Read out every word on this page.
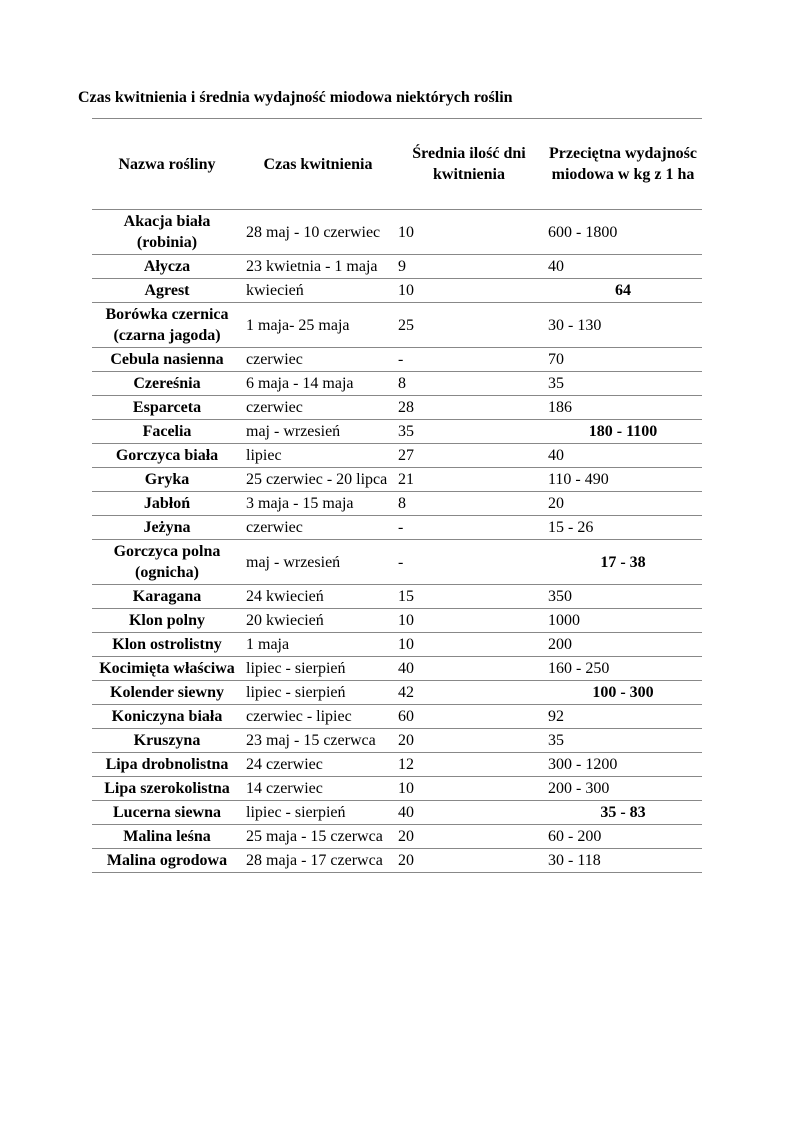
Czas kwitnienia i średnia wydajność miodowa niektórych roślin
Nazwa rośliny	Czas kwitnienia	Średnia ilość dni kwitnienia	Przeciętna wydajnośc miodowa w kg z 1 ha
Akacja biała (robinia)	28 maj - 10 czerwiec	10	600 - 1800
Ałycza	23 kwietnia - 1 maja	9	40
Agrest	kwiecień	10	64
Borówka czernica (czarna jagoda)	1 maja- 25 maja	25	30 - 130
Cebula nasienna	czerwiec	-	70
Czereśnia	6 maja - 14 maja	8	35
Esparceta	czerwiec	28	186
Facelia	maj - wrzesień	35	180 - 1100
Gorczyca biała	lipiec	27	40
Gryka	25 czerwiec - 20 lipca	21	110 - 490
Jabłoń	3 maja - 15 maja	8	20
Jeżyna	czerwiec	-	15 - 26
Gorczyca polna (ognicha)	maj - wrzesień	-	17 - 38
Karagana	24 kwiecień	15	350
Klon polny	20 kwiecień	10	1000
Klon ostrolistny	1 maja	10	200
Kocimięta właściwa	lipiec - sierpień	40	160 - 250
Kolender siewny	lipiec - sierpień	42	100 - 300
Koniczyna biała	czerwiec - lipiec	60	92
Kruszyna	23 maj - 15 czerwca	20	35
Lipa drobnolistna	24 czerwiec	12	300 - 1200
Lipa szerokolistna	14 czerwiec	10	200 - 300
Lucerna siewna	lipiec - sierpień	40	35 - 83
Malina leśna	25 maja - 15 czerwca	20	60 - 200
Malina ogrodowa	28 maja - 17 czerwca	20	30 - 118
